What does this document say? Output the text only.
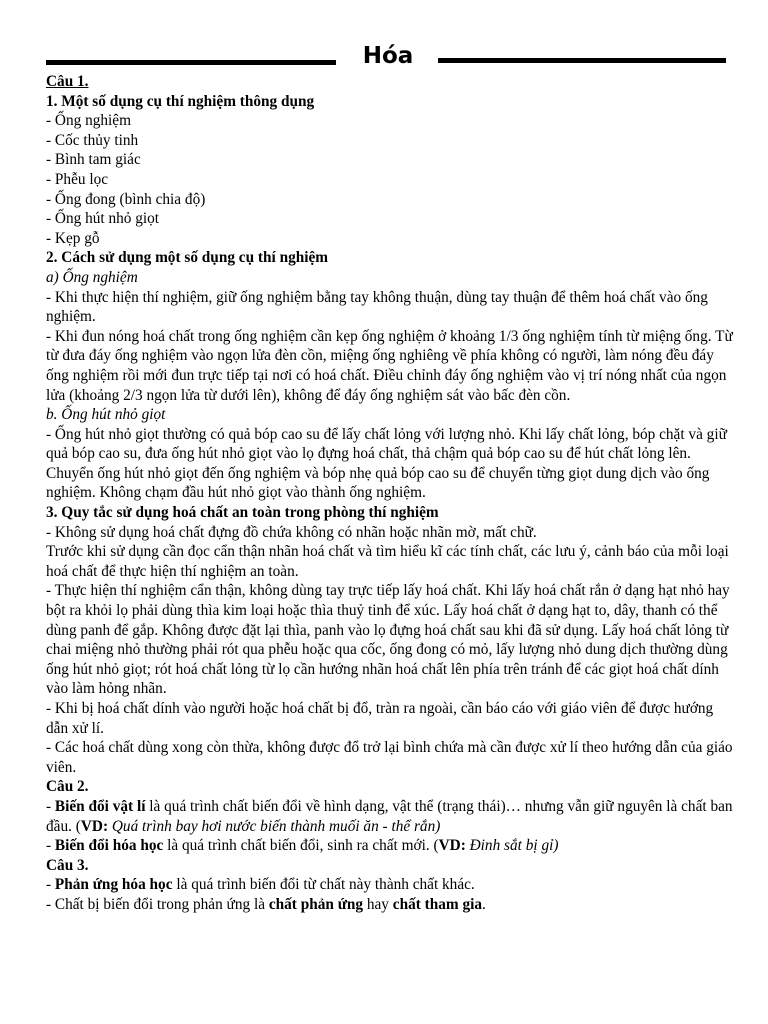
Hóa

Câu 1.

1. Một số dụng cụ thí nghiệm thông dụng

- Ống nghiệm

- Cốc thủy tinh

- Bình tam giác

- Phễu lọc

- Ống đong (bình chia độ)

- Ống hút nhỏ giọt

- Kẹp gỗ

2. Cách sử dụng một số dụng cụ thí nghiệm

a) Ống nghiệm

- Khi thực hiện thí nghiệm, giữ ống nghiệm bằng tay không thuận, dùng tay thuận để thêm hoá chất vào ống nghiệm.

- Khi đun nóng hoá chất trong ống nghiệm cần kẹp ống nghiệm ở khoảng 1/3 ống nghiệm tính từ miệng ống. Từ từ đưa đáy ống nghiệm vào ngọn lửa đèn cồn, miệng ống nghiêng về phía không có người, làm nóng đều đáy ống nghiệm rồi mới đun trực tiếp tại nơi có hoá chất. Điều chỉnh đáy ống nghiệm vào vị trí nóng nhất của ngọn lửa (khoảng 2/3 ngọn lửa từ dưới lên), không để đáy ống nghiệm sát vào bấc đèn cồn.

b. Ống hút nhỏ giọt

- Ống hút nhỏ giọt thường có quả bóp cao su để lấy chất lỏng với lượng nhỏ. Khi lấy chất lỏng, bóp chặt và giữ quả bóp cao su, đưa ống hút nhỏ giọt vào lọ đựng hoá chất, thả chậm quả bóp cao su để hút chất lỏng lên. Chuyển ống hút nhỏ giọt đến ống nghiệm và bóp nhẹ quả bóp cao su để chuyển từng giọt dung dịch vào ống nghiệm. Không chạm đầu hút nhỏ giọt vào thành ống nghiệm.

3. Quy tắc sử dụng hoá chất an toàn trong phòng thí nghiệm

- Không sử dụng hoá chất đựng đồ chứa không có nhãn hoặc nhãn mờ, mất chữ.

Trước khi sử dụng cần đọc cẩn thận nhãn hoá chất và tìm hiểu kĩ các tính chất, các lưu ý, cảnh báo của mỗi loại hoá chất để thực hiện thí nghiệm an toàn.

- Thực hiện thí nghiệm cẩn thận, không dùng tay trực tiếp lấy hoá chất. Khi lấy hoá chất rắn ở dạng hạt nhỏ hay bột ra khỏi lọ phải dùng thìa kim loại hoặc thìa thuỷ tinh để xúc. Lấy hoá chất ở dạng hạt to, dây, thanh có thể dùng panh để gắp. Không được đặt lại thìa, panh vào lọ đựng hoá chất sau khi đã sử dụng. Lấy hoá chất lỏng từ chai miệng nhỏ thường phải rót qua phễu hoặc qua cốc, ống đong có mỏ, lấy lượng nhỏ dung dịch thường dùng ống hút nhỏ giọt; rót hoá chất lỏng từ lọ cần hướng nhãn hoá chất lên phía trên tránh để các giọt hoá chất dính vào làm hỏng nhãn.

- Khi bị hoá chất dính vào người hoặc hoá chất bị đổ, tràn ra ngoài, cần báo cáo với giáo viên để được hướng dẫn xử lí.

- Các hoá chất dùng xong còn thừa, không được đổ trở lại bình chứa mà cần được xử lí theo hướng dẫn của giáo viên.

Câu 2.

- Biến đổi vật lí là quá trình chất biến đổi về hình dạng, vật thể (trạng thái)… nhưng vẫn giữ nguyên là chất ban đầu. (VD: Quá trình bay hơi nước biến thành muối ăn - thể rắn)

- Biến đổi hóa học là quá trình chất biến đổi, sinh ra chất mới. (VD: Đinh sắt bị gỉ)

Câu 3.

- Phản ứng hóa học là quá trình biến đổi từ chất này thành chất khác.

- Chất bị biến đổi trong phản ứng là chất phản ứng hay chất tham gia.
